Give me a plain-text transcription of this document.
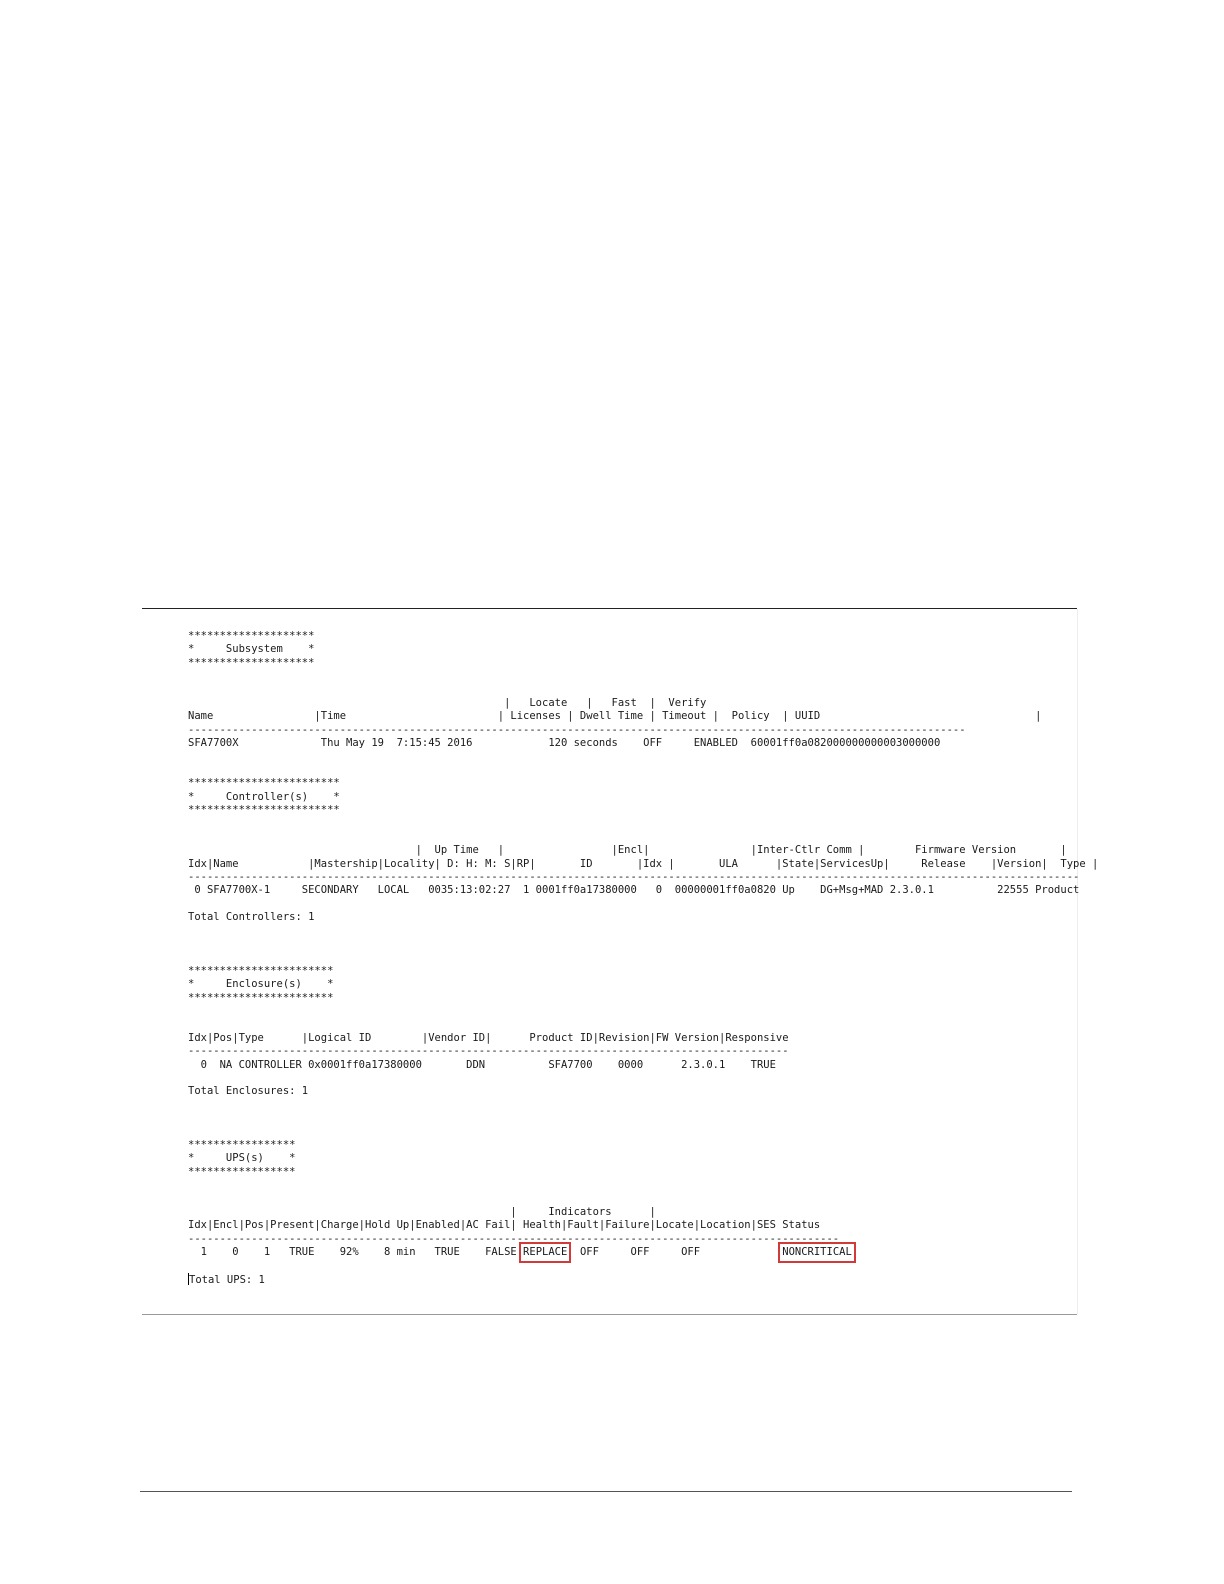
********************
*     Subsystem    *
********************

|   Locate   |   Fast  |  Verify
Name                |Time                        | Licenses | Dwell Time | Timeout |  Policy  | UUID                                  |
---------------------------------------------------------------------------------------------------------------------------
SFA7700X             Thu May 19  7:15:45 2016            120 seconds    OFF     ENABLED  60001ff0a082000000000003000000

************************
*     Controller(s)    *
************************

|  Up Time   |                 |Encl|                |Inter-Ctlr Comm |        Firmware Version       |
Idx|Name           |Mastership|Locality| D: H: M: S|RP|       ID       |Idx |       ULA      |State|ServicesUp|     Release    |Version|  Type |
---------------------------------------------------------------------------------------------------------------------------------------------
0 SFA7700X-1     SECONDARY   LOCAL   0035:13:02:27  1 0001ff0a17380000   0  00000001ff0a0820 Up    DG+Msg+MAD 2.3.0.1          22555 Product

Total Controllers: 1

***********************
*     Enclosure(s)    *
***********************

Idx|Pos|Type      |Logical ID        |Vendor ID|      Product ID|Revision|FW Version|Responsive
-----------------------------------------------------------------------------------------------
0  NA CONTROLLER 0x0001ff0a17380000       DDN          SFA7700    0000      2.3.0.1    TRUE

Total Enclosures: 1

*****************
*     UPS(s)    *
*****************

|     Indicators      |
Idx|Encl|Pos|Present|Charge|Hold Up|Enabled|AC Fail| Health|Fault|Failure|Locate|Location|SES Status
-------------------------------------------------------------------------------------------------------
1    0    1   TRUE    92%    8 min   TRUE    FALSE REPLACE  OFF     OFF     OFF             NONCRITICAL

Total UPS: 1
